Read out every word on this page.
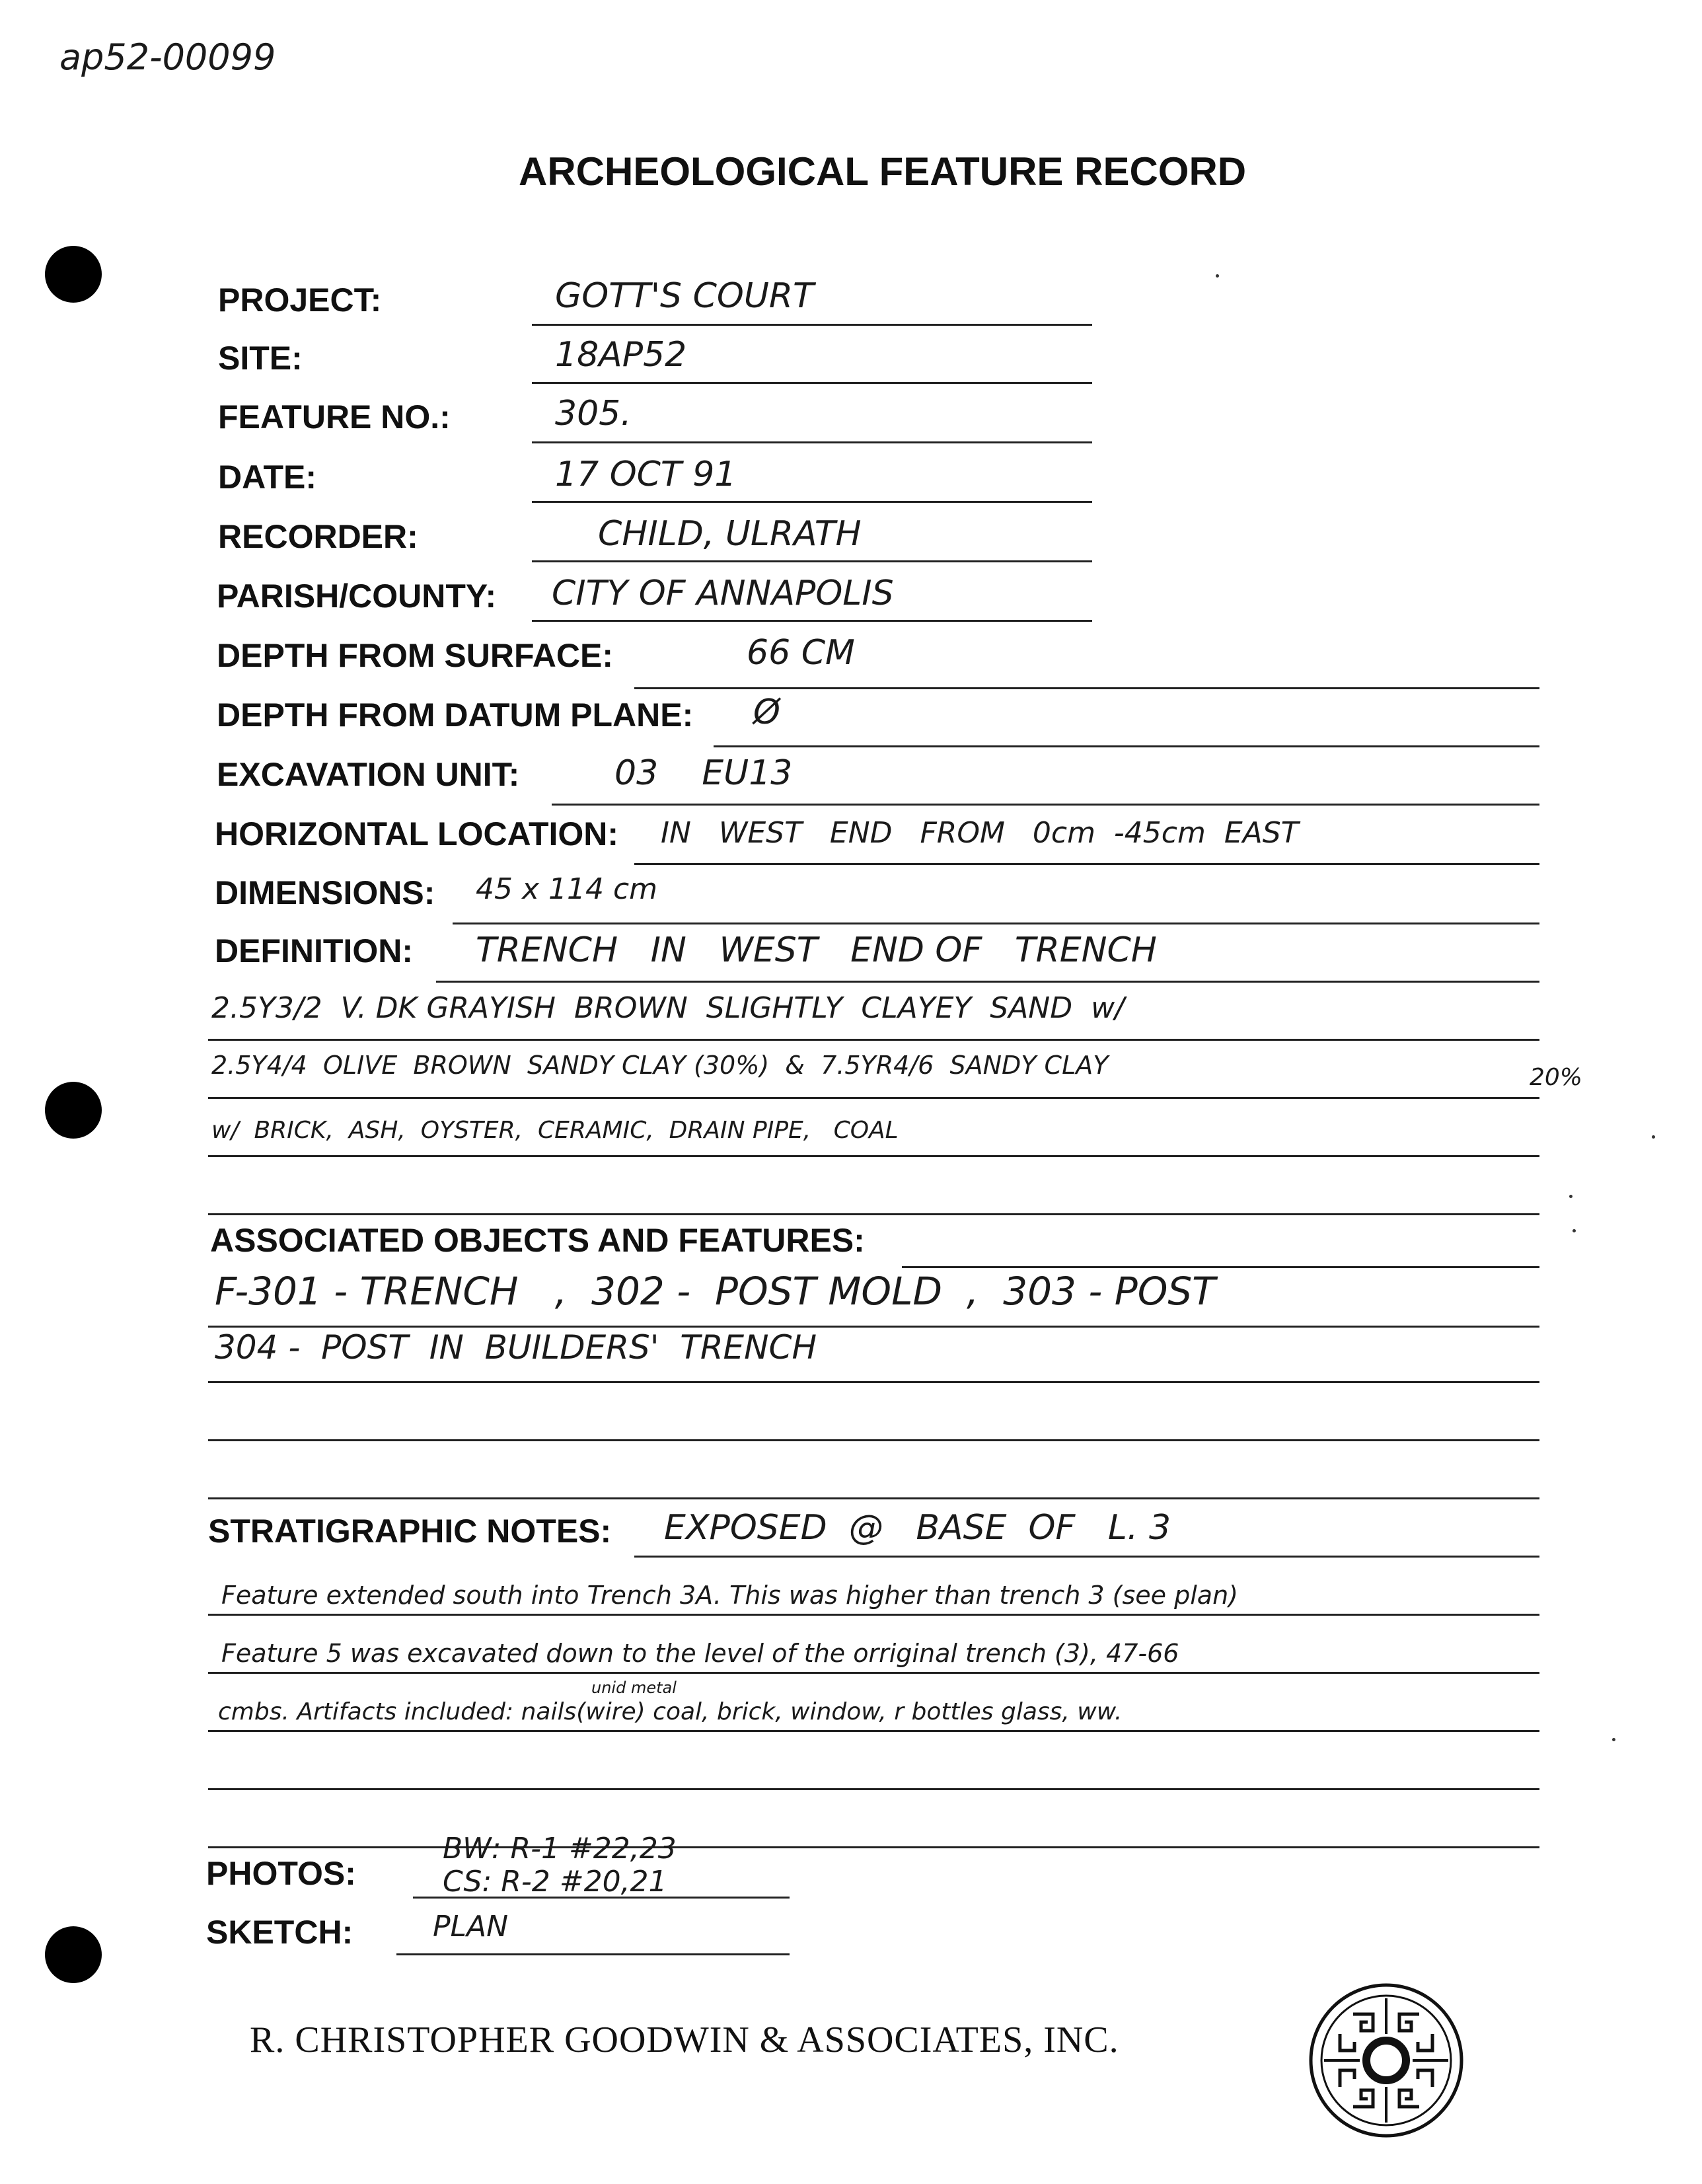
ap52-00099
ARCHEOLOGICAL FEATURE RECORD
PROJECT:	GOTT'S COURT
SITE:	18AP52
FEATURE NO.:	305.
DATE:	17 OCT 91
RECORDER:	CHILD, ULRATH
PARISH/COUNTY: CITY OF ANNAPOLIS
DEPTH FROM SURFACE:	66 CM
DEPTH FROM DATUM PLANE: Ø
EXCAVATION UNIT:	03    EU13
HORIZONTAL LOCATION: IN   WEST   END   FROM   0cm  -45cm  EAST
DIMENSIONS: 45 x 114 cm
DEFINITION: TRENCH   IN   WEST   END OF   TRENCH
2.5Y3/2  V. DK GRAYISH  BROWN  SLIGHTLY  CLAYEY  SAND  w/
2.5Y4/4  OLIVE  BROWN  SANDY CLAY (30%)  &  7.5YR4/6  SANDY CLAY	20%
w/  BRICK,  ASH,  OYSTER,  CERAMIC,  DRAIN PIPE,   COAL
ASSOCIATED OBJECTS AND FEATURES:
F-301 - TRENCH   ,  302 -  POST MOLD  ,  303 - POST
304 -  POST  IN  BUILDERS'  TRENCH
STRATIGRAPHIC NOTES: EXPOSED  @   BASE  OF   L. 3
Feature extended south into Trench 3A. This was higher than trench 3 (see plan)
Feature 5 was excavated down to the level of the orriginal trench (3), 47-66
unid metal
cmbs. Artifacts included: nails(wire) coal, brick, window, r bottles glass, ww.
PHOTOS:
BW: R-1 #22,23
CS: R-2 #20,21
SKETCH:	PLAN
R. CHRISTOPHER GOODWIN & ASSOCIATES, INC.
